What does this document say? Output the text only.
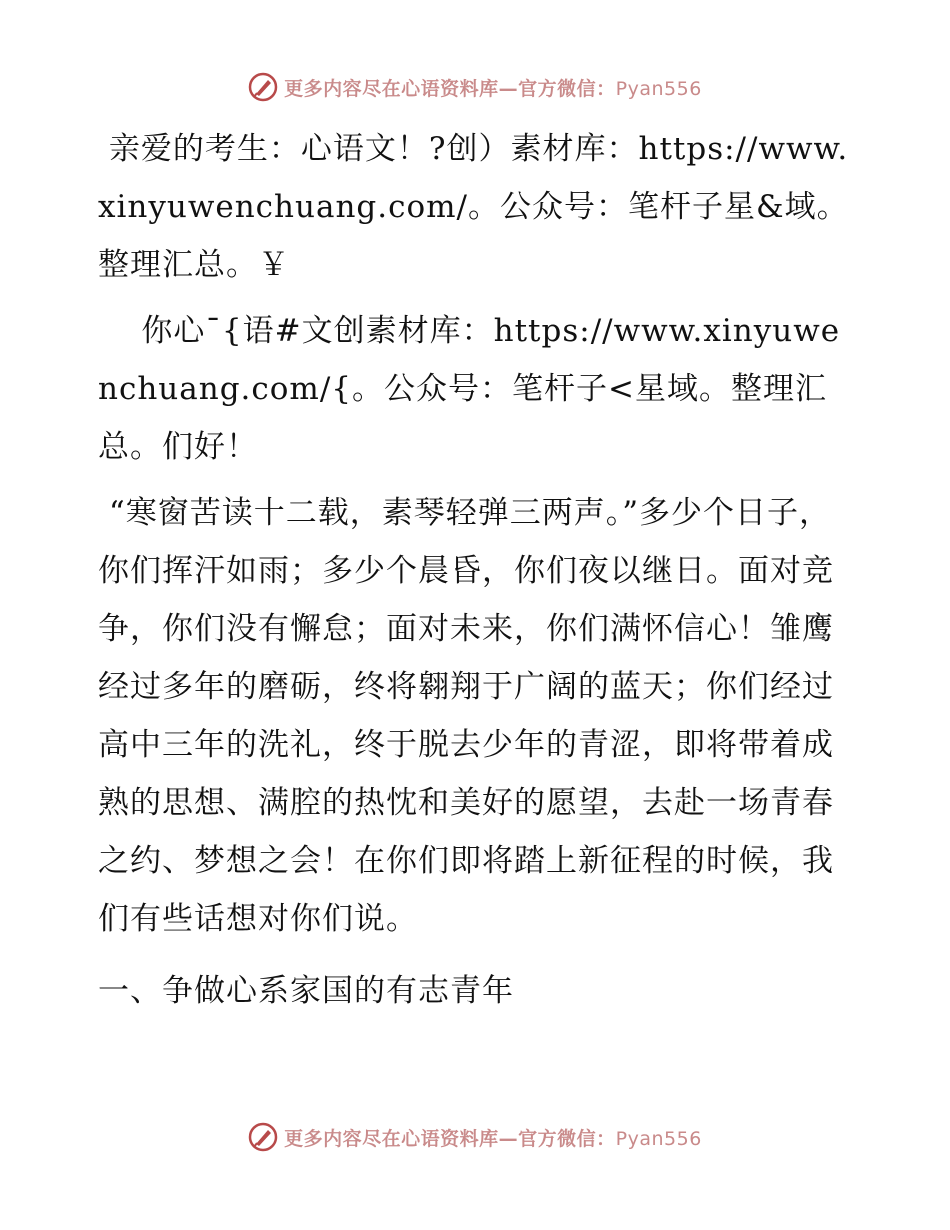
更多内容尽在心语资料库—官方微信：Pyan556

亲爱的考生：心语文！?创）素材库：https://www.xinyuwenchuang.com/。公众号：笔杆子星&域。整理汇总。￥

你心¯{语#文创素材库：https://www.xinyuwenchuang.com/{。公众号：笔杆子<星域。整理汇总。们好！

“寒窗苦读十二载，素琴轻弹三两声。”多少个日子，你们挥汗如雨；多少个晨昏，你们夜以继日。面对竞争，你们没有懈怠；面对未来，你们满怀信心！雏鹰经过多年的磨砺，终将翱翔于广阔的蓝天；你们经过高中三年的洗礼，终于脱去少年的青涩，即将带着成熟的思想、满腔的热忱和美好的愿望，去赴一场青春之约、梦想之会！在你们即将踏上新征程的时候，我们有些话想对你们说。

一、争做心系家国的有志青年

更多内容尽在心语资料库—官方微信：Pyan556
